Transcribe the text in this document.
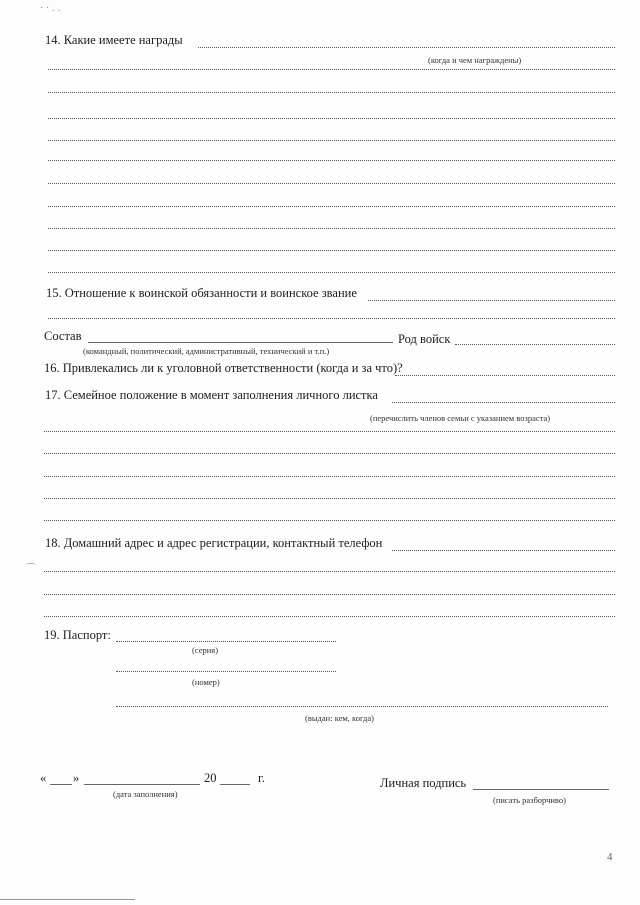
˙ ˙ · ·
14. Какие имеете награды
(когда и чем награждены)
15. Отношение к воинской обязанности и воинское звание
Состав	Род войск
(командный, политический, административный, технический и т.п.)
16. Привлекались ли к уголовной ответственности (когда и за что)?
17. Семейное положение в момент заполнения личного листка
(перечислить членов семьи с указанием возраста)
18. Домашний адрес и адрес регистрации, контактный телефон
⌒
19. Паспорт:
(серия)
(номер)
(выдан: кем, когда)
« »	20	г.
(дата заполнения)
Личная подпись
(писать разборчиво)
4
